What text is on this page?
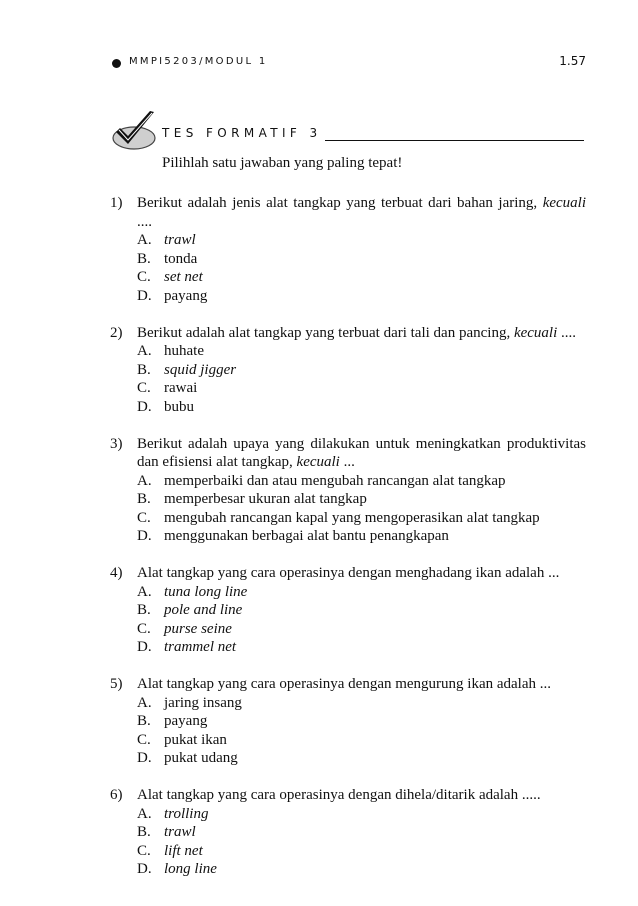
MMPI5203/MODUL 1	1.57
TES FORMATIF 3
Pilihlah satu jawaban yang paling tepat!
1) Berikut adalah jenis alat tangkap yang terbuat dari bahan jaring, kecuali ....
A. trawl
B. tonda
C. set net
D. payang
2) Berikut adalah alat tangkap yang terbuat dari tali dan pancing, kecuali ....
A. huhate
B. squid jigger
C. rawai
D. bubu
3) Berikut adalah upaya yang dilakukan untuk meningkatkan produktivitas dan efisiensi alat tangkap, kecuali ...
A. memperbaiki dan atau mengubah rancangan alat tangkap
B. memperbesar ukuran alat tangkap
C. mengubah rancangan kapal yang mengoperasikan alat tangkap
D. menggunakan berbagai alat bantu penangkapan
4) Alat tangkap yang cara operasinya dengan menghadang ikan adalah ...
A. tuna long line
B. pole and line
C. purse seine
D. trammel net
5) Alat tangkap yang cara operasinya dengan mengurung ikan adalah ...
A. jaring insang
B. payang
C. pukat ikan
D. pukat udang
6) Alat tangkap yang cara operasinya dengan dihela/ditarik adalah .....
A. trolling
B. trawl
C. lift net
D. long line
